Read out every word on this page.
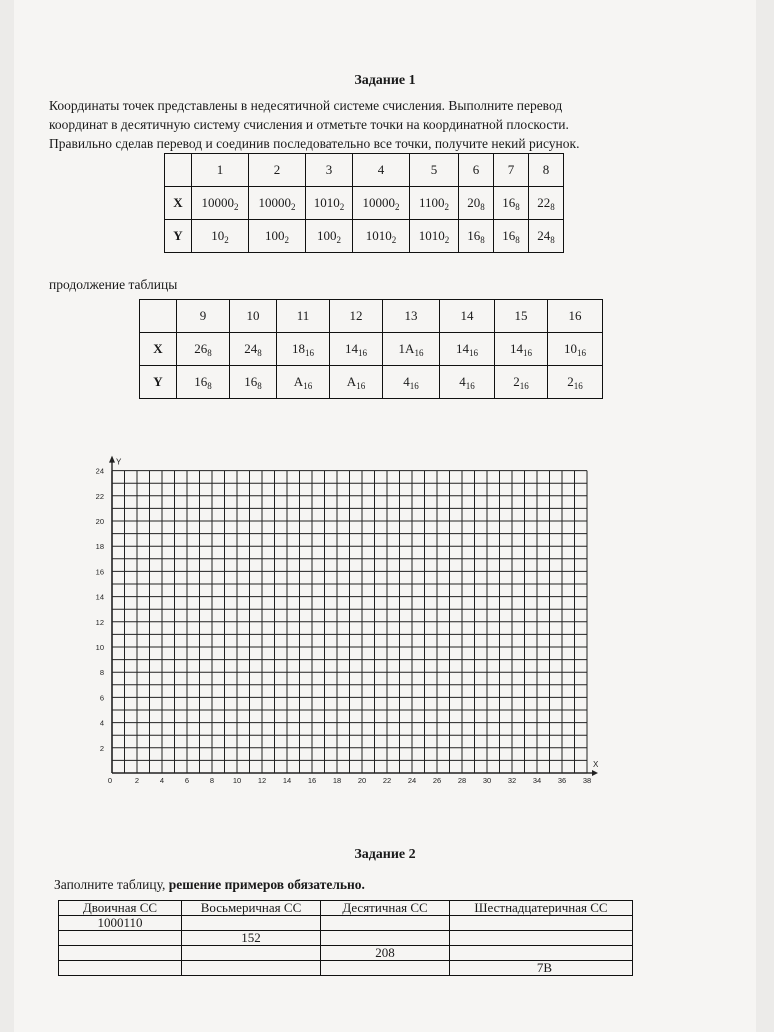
Задание 1
Координаты точек представлены в недесятичной системе счисления. Выполните перевод
координат в десятичную систему счисления и отметьте точки на координатной плоскости.
Правильно сделав перевод и соединив последовательно все точки, получите некий рисунок.
	1	2	3	4	5	6	7	8
X	$10000_2$	$10000_2$	$1010_2$	$10000_2$	$1100_2$	$20_8$	$16_8$	$22_8$
Y	$10_2$	$100_2$	$100_2$	$1010_2$	$1010_2$	$16_8$	$16_8$	$24_8$
продолжение таблицы
	9	10	11	12	13	14	15	16
X	$26_8$	$24_8$	$18_{16}$	$14_{16}$	$1A_{16}$	$14_{16}$	$14_{16}$	$10_{16}$
Y	$16_8$	$16_8$	$A_{16}$	$A_{16}$	$4_{16}$	$4_{16}$	$2_{16}$	$2_{16}$
Y
X
0	2	4	6	8 10 12 14 16 18 20 22 24 26 28 30 32 34 36 38
2
4
6
8
10
12
14
16
18
20
22
24
Задание 2
Заполните таблицу, решение примеров обязательно.
Двоичная СС	Восьмеричная СС	Десятичная СС	Шестнадцатеричная СС
1000110			
	152		
		208	
			7B
